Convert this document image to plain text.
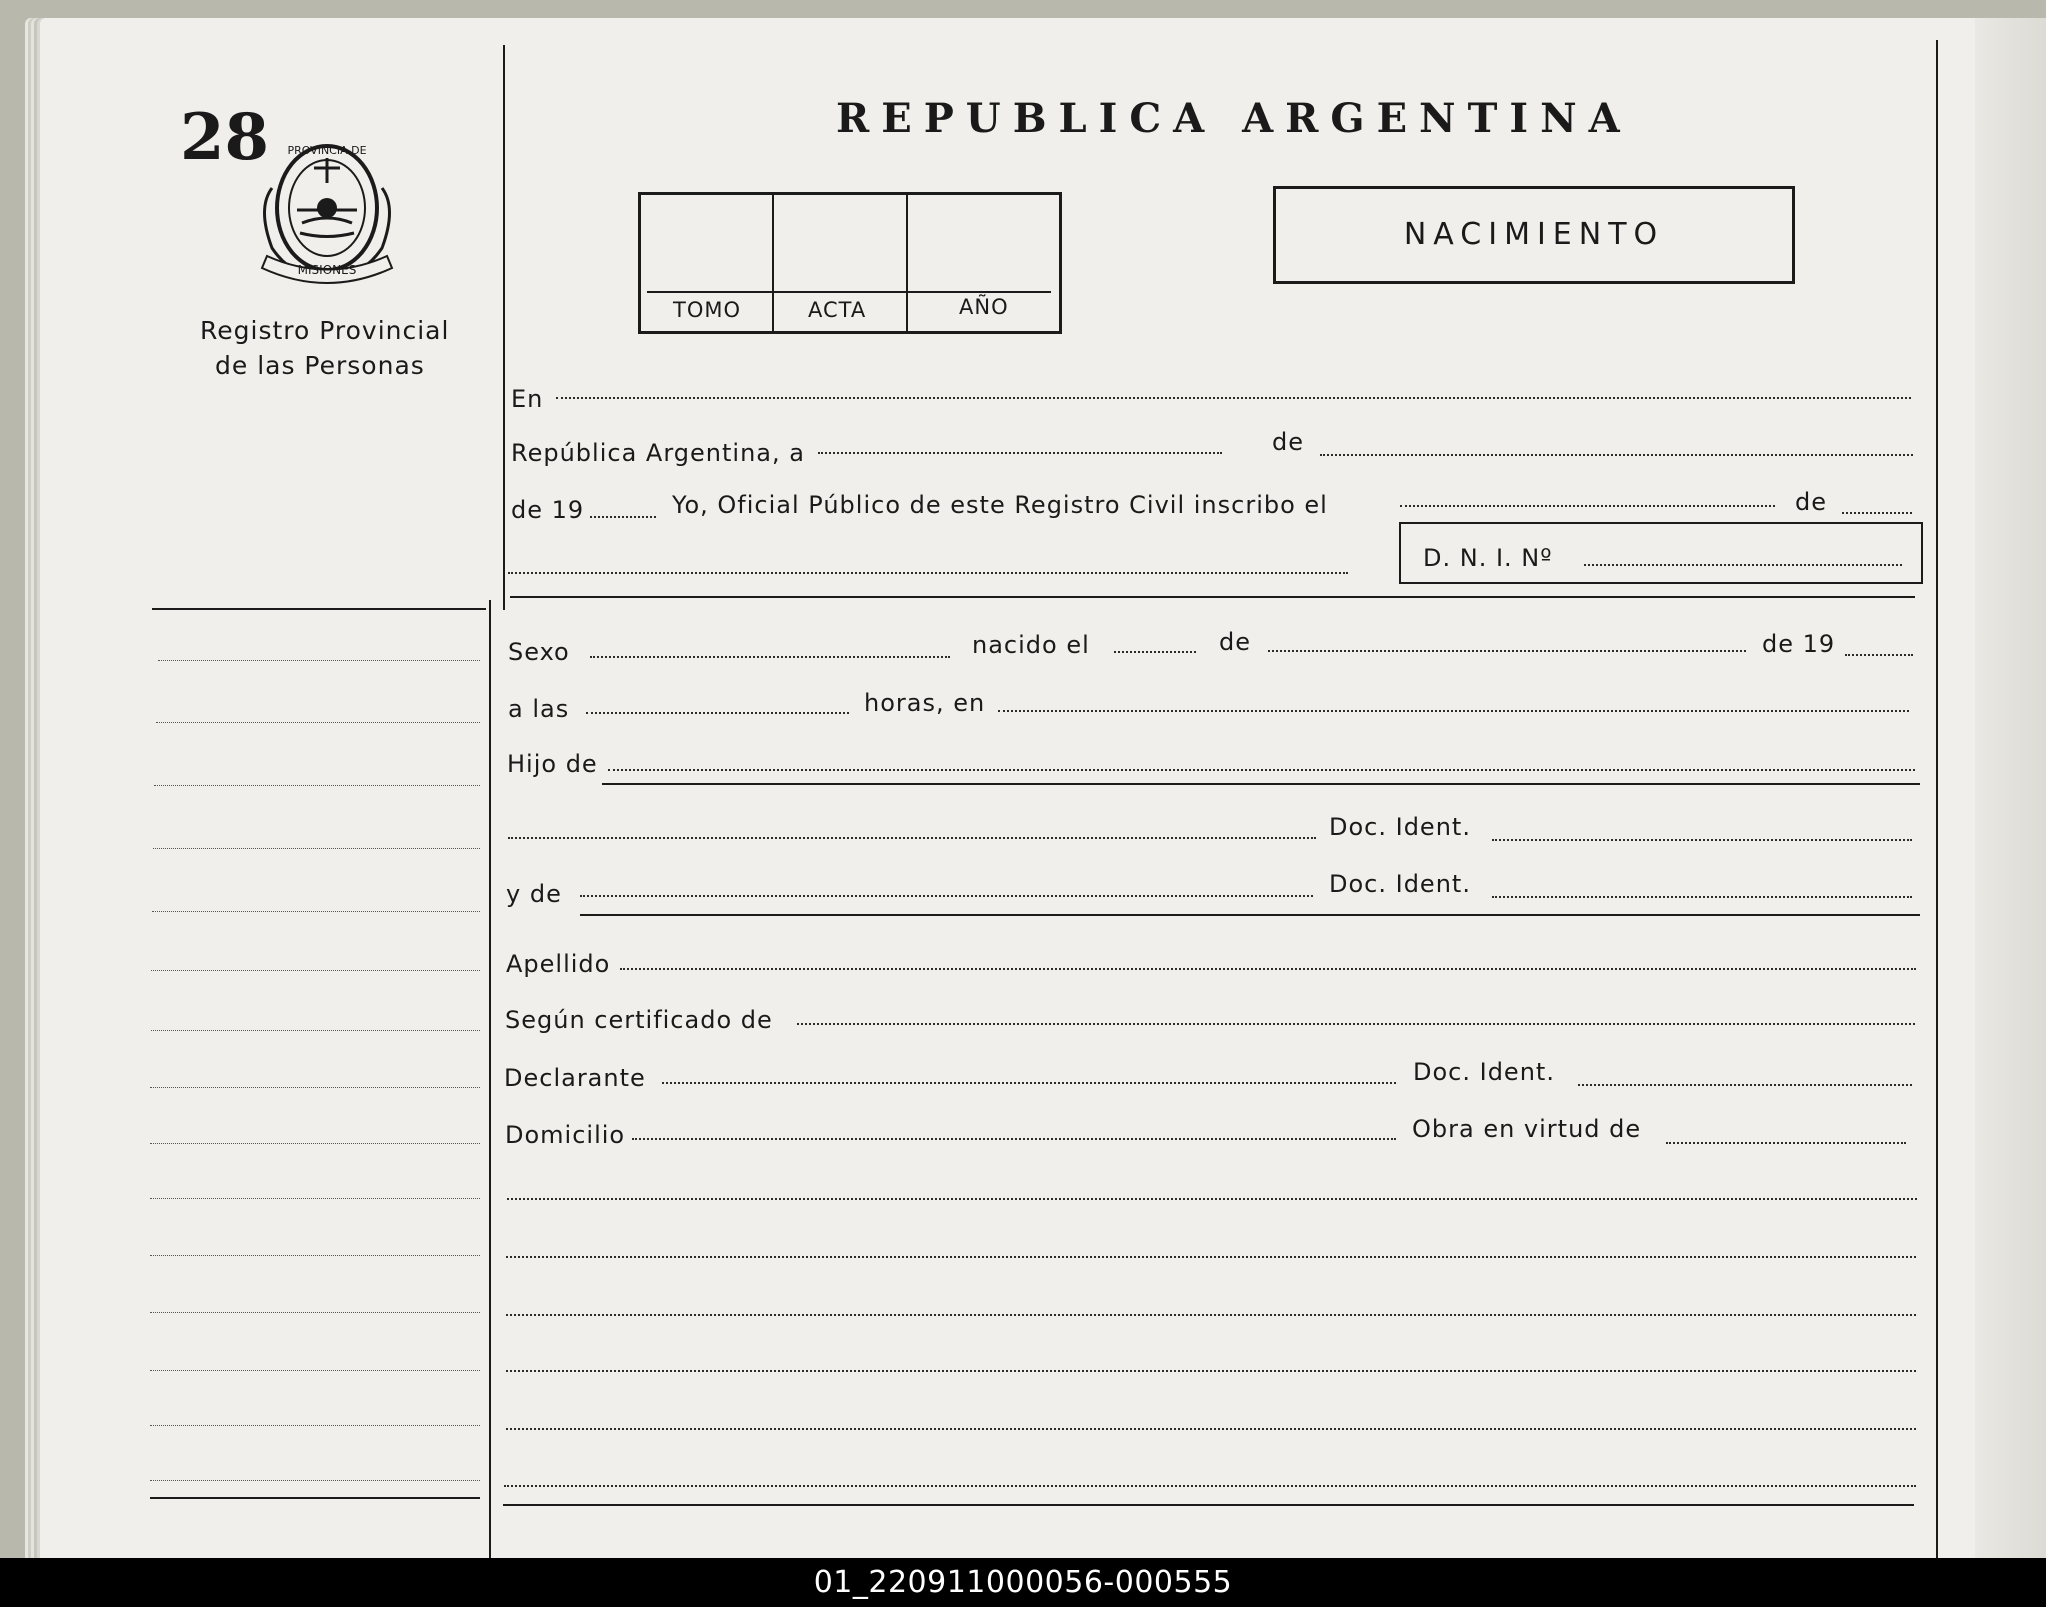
28 PROVINCIA DE
MISIONES
Registro Provincial
de las Personas
REPUBLICA ARGENTINA
TOMO	ACTA	AÑO
NACIMIENTO
En
República Argentina, a	de
de 19	Yo, Oficial Público de este Registro Civil inscribo el	de
D. N. I. Nº
Sexo	nacido el	de	de 19
a las	horas, en
Hijo de
Doc. Ident.
y de	Doc. Ident.
Apellido
Según certificado de
Declarante	Doc. Ident.
Domicilio	Obra en virtud de
01_220911000056-000555
